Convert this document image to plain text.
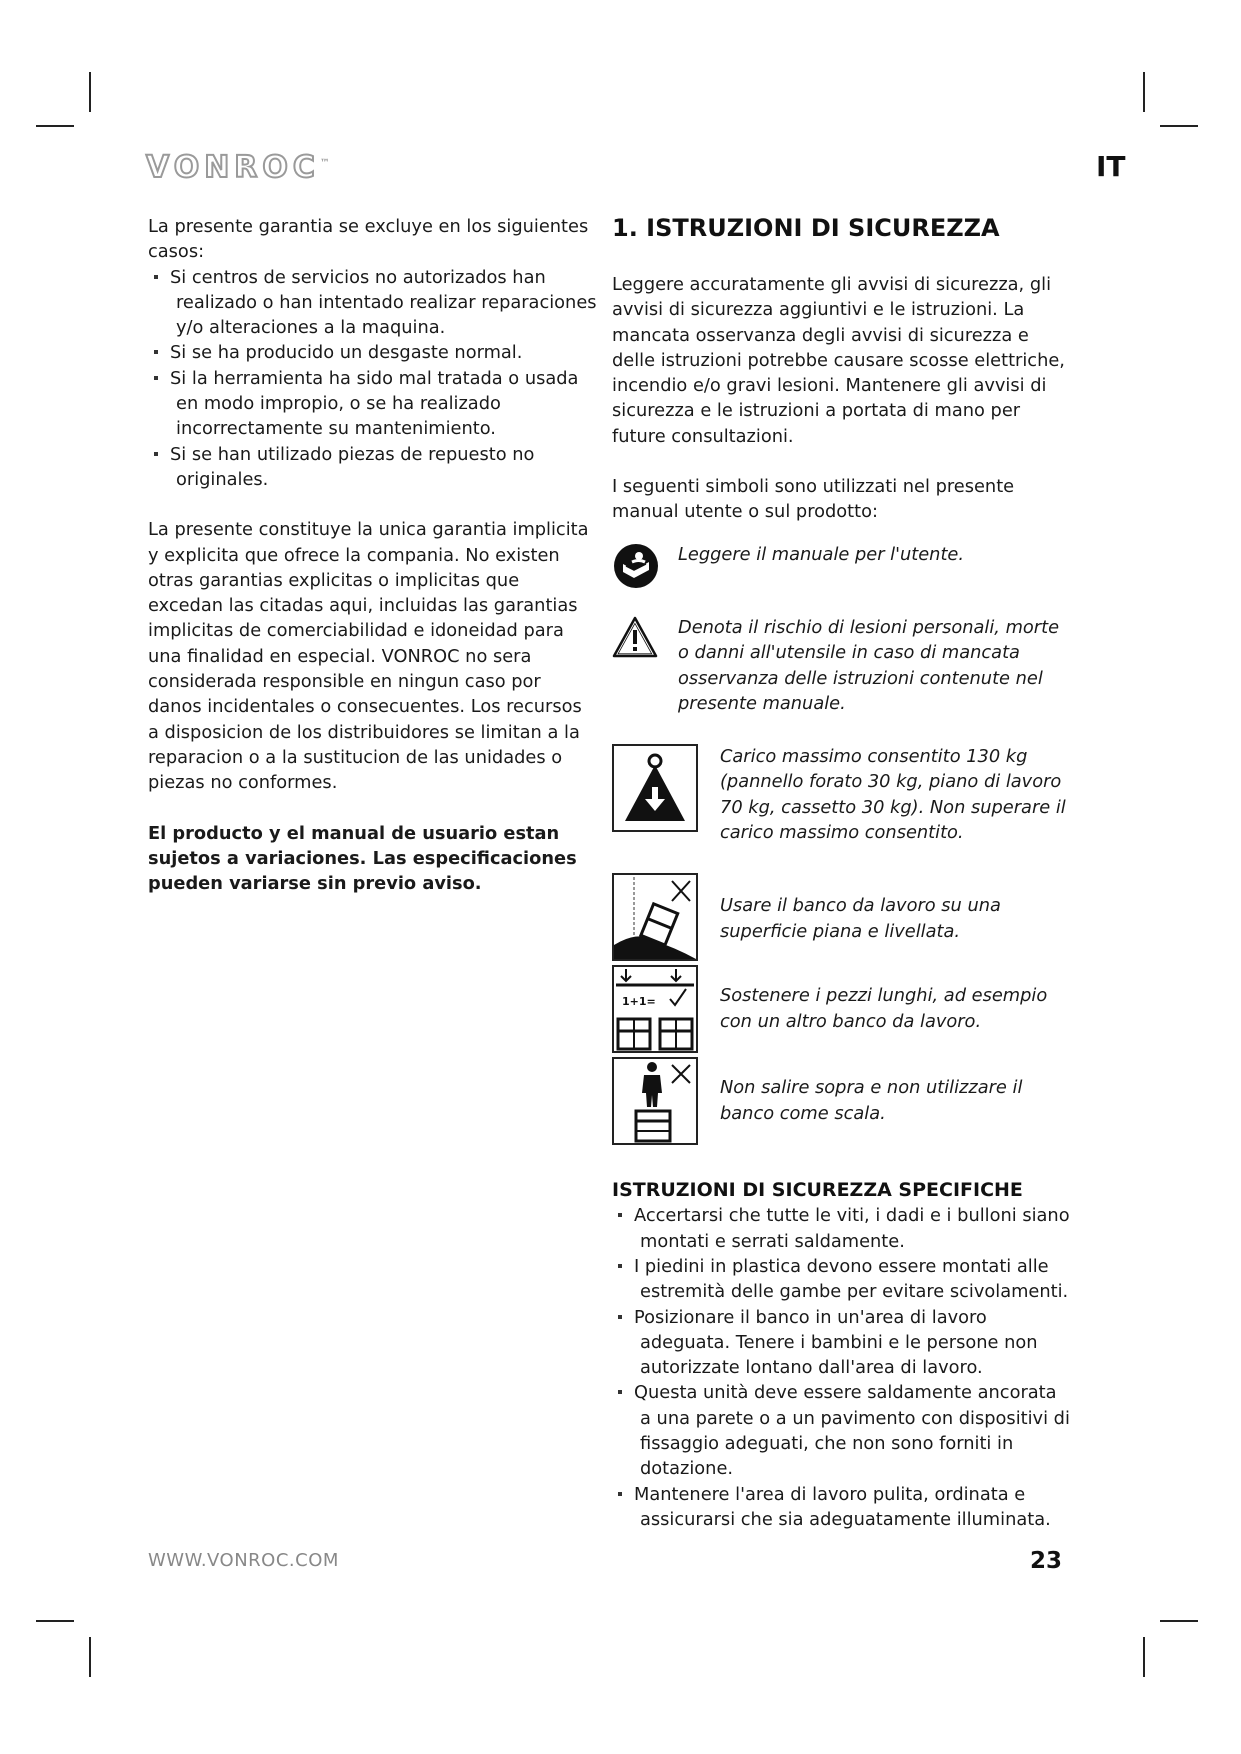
VONROC™	IT

La presente garantia se excluye en los siguientes casos:

Si centros de servicios no autorizados han realizado o han intentado realizar reparaciones y/o alteraciones a la maquina.
Si se ha producido un desgaste normal.
Si la herramienta ha sido mal tratada o usada en modo impropio, o se ha realizado incorrectamente su mantenimiento.
Si se han utilizado piezas de repuesto no originales.

La presente constituye la unica garantia implicita y explicita que ofrece la compania. No existen otras garantias explicitas o implicitas que excedan las citadas aqui, incluidas las garantias implicitas de comerciabilidad e idoneidad para una finalidad en especial. VONROC no sera considerada responsible en ningun caso por danos incidentales o consecuentes. Los recursos a disposicion de los distribuidores se limitan a la reparacion o a la sustitucion de las unidades o piezas no conformes.

El producto y el manual de usuario estan sujetos a variaciones. Las especificaciones pueden variarse sin previo aviso.

1. ISTRUZIONI DI SICUREZZA

Leggere accuratamente gli avvisi di sicurezza, gli avvisi di sicurezza aggiuntivi e le istruzioni. La mancata osservanza degli avvisi di sicurezza e delle istruzioni potrebbe causare scosse elettriche, incendio e/o gravi lesioni. Mantenere gli avvisi di sicurezza e le istruzioni a portata di mano per future consultazioni.

I seguenti simboli sono utilizzati nel presente manual utente o sul prodotto:

Leggere il manuale per l'utente.
Denota il rischio di lesioni personali, morte o danni all'utensile in caso di mancata osservanza delle istruzioni contenute nel presente manuale.
Carico massimo consentito 130 kg (pannello forato 30 kg, piano di lavoro 70 kg, cassetto 30 kg). Non superare il carico massimo consentito.
Usare il banco da lavoro su una superficie piana e livellata.
1+1=	Sostenere i pezzi lunghi, ad esempio con un altro banco da lavoro.
Non salire sopra e non utilizzare il banco come scala.
ISTRUZIONI DI SICUREZZA SPECIFICHE
Accertarsi che tutte le viti, i dadi e i bulloni siano montati e serrati saldamente.
I piedini in plastica devono essere montati alle estremità delle gambe per evitare scivolamenti.
Posizionare il banco in un'area di lavoro adeguata. Tenere i bambini e le persone non autorizzate lontano dall'area di lavoro.
Questa unità deve essere saldamente ancorata a una parete o a un pavimento con dispositivi di fissaggio adeguati, che non sono forniti in dotazione.
Mantenere l'area di lavoro pulita, ordinata e assicurarsi che sia adeguatamente illuminata.
WWW.VONROC.COM	23
